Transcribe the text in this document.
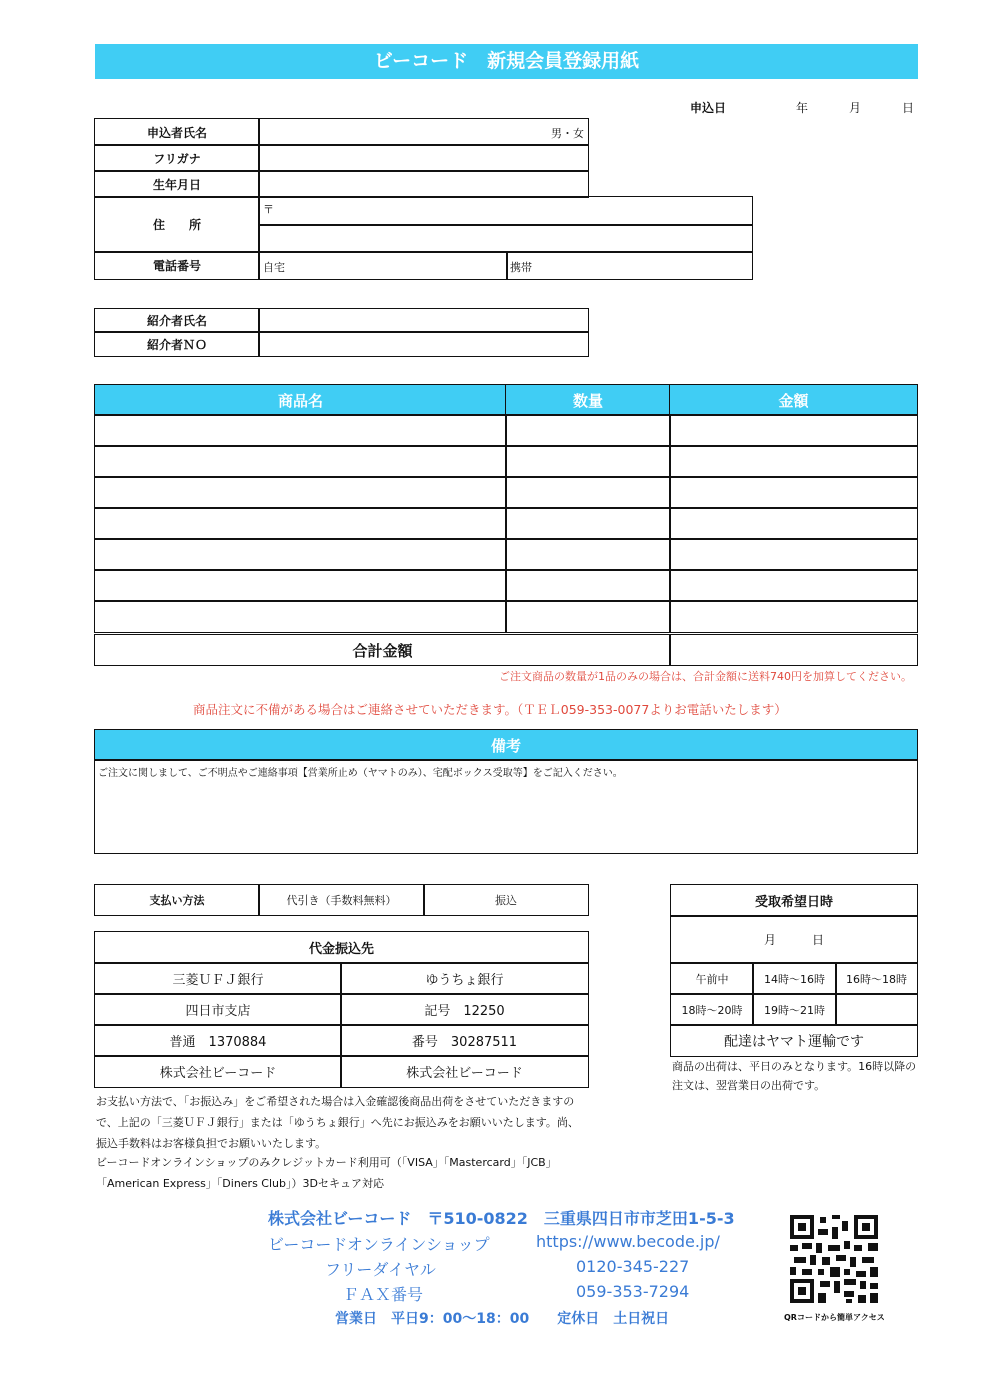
ビーコード　新規会員登録用紙
申込日	年	月	日
申込者氏名	男・女
フリガナ
生年月日
住　　所
〒
電話番号	自宅	携帯
紹介者氏名
紹介者ＮＯ
商品名	数量	金額
合計金額
ご注文商品の数量が1品のみの場合は、合計金額に送料740円を加算してください。
商品注文に不備がある場合はご連絡させていただきます。（ＴＥＬ059-353-0077よりお電話いたします）
備考
ご注文に関しまして、ご不明点やご連絡事項【営業所止め（ヤマトのみ）、宅配ボックス受取等】をご記入ください。
支払い方法	代引き（手数料無料）	振込
代金振込先
三菱ＵＦＪ銀行	ゆうちょ銀行
四日市支店	記号　12250
普通　1370884	番号　30287511
株式会社ビーコード	株式会社ビーコード
お支払い方法で、「お振込み」をご希望された場合は入金確認後商品出荷をさせていただきますので、上記の「三菱ＵＦＪ銀行」または「ゆうちょ銀行」へ先にお振込みをお願いいたします。尚、振込手数料はお客様負担でお願いいたします。
ビーコードオンラインショップのみクレジットカード利用可（「VISA」「Mastercard」「JCB」「American Express」「Diners Club」）3Dセキュア対応
受取希望日時
月　　　日
午前中	14時～16時	16時～18時
18時～20時	19時～21時
配達はヤマト運輸です
商品の出荷は、平日のみとなります。16時以降の注文は、翌営業日の出荷です。
株式会社ビーコード　〒510-0822　三重県四日市市芝田1-5-3
ビーコードオンラインショップ	https://www.becode.jp/
フリーダイヤル	0120-345-227
ＦＡＸ番号	059-353-7294
営業日　平日9：00～18：00　　定休日　土日祝日	QRコードから簡単アクセス
